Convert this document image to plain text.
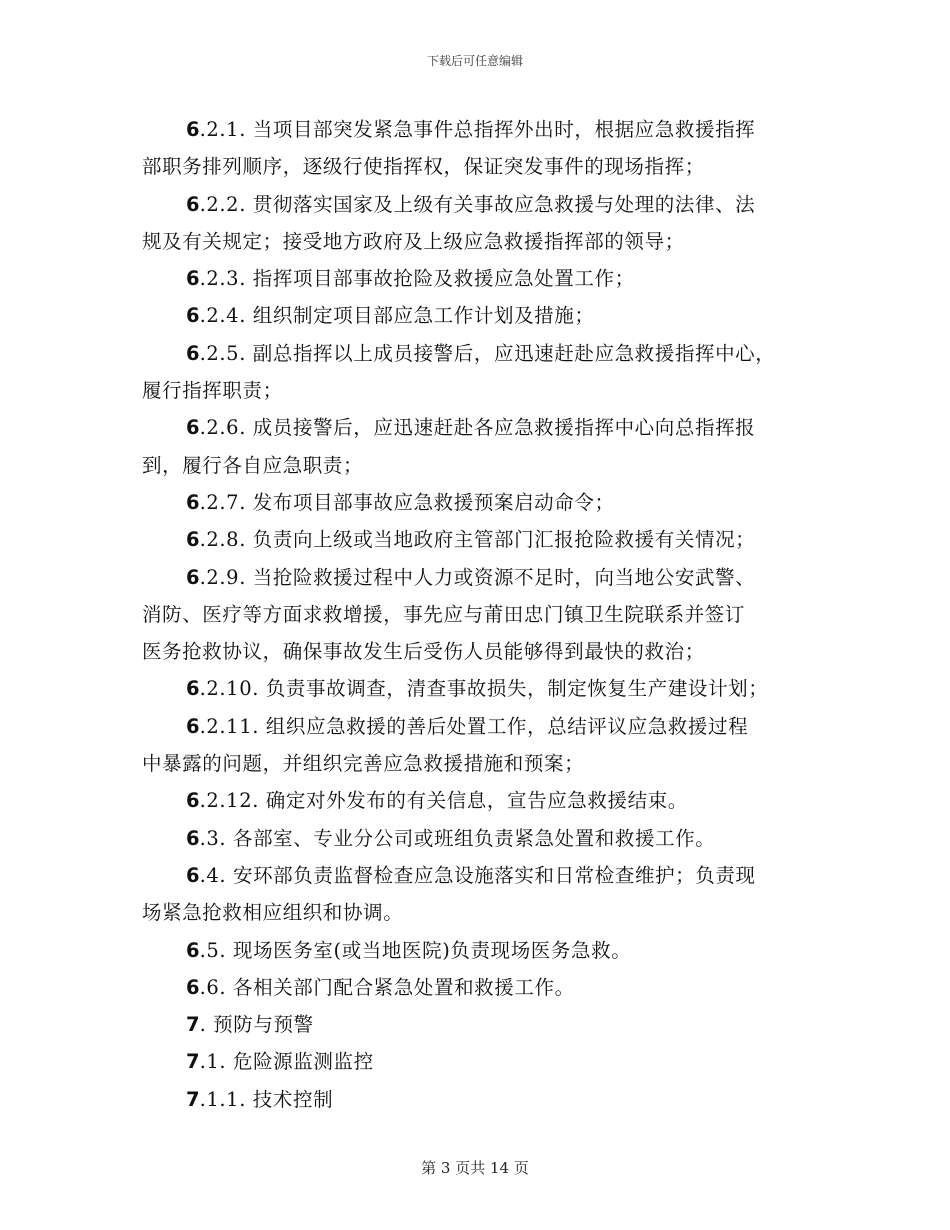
下载后可任意编辑
6.2.1. 当项目部突发紧急事件总指挥外出时，根据应急救援指挥
部职务排列顺序，逐级行使指挥权，保证突发事件的现场指挥；
6.2.2. 贯彻落实国家及上级有关事故应急救援与处理的法律、法
规及有关规定；接受地方政府及上级应急救援指挥部的领导；
6.2.3. 指挥项目部事故抢险及救援应急处置工作；
6.2.4. 组织制定项目部应急工作计划及措施；
6.2.5. 副总指挥以上成员接警后，应迅速赶赴应急救援指挥中心，
履行指挥职责；
6.2.6. 成员接警后，应迅速赶赴各应急救援指挥中心向总指挥报
到，履行各自应急职责；
6.2.7. 发布项目部事故应急救援预案启动命令；
6.2.8. 负责向上级或当地政府主管部门汇报抢险救援有关情况；
6.2.9. 当抢险救援过程中人力或资源不足时，向当地公安武警、
消防、医疗等方面求救增援，事先应与莆田忠门镇卫生院联系并签订
医务抢救协议，确保事故发生后受伤人员能够得到最快的救治；
6.2.10. 负责事故调查，清查事故损失，制定恢复生产建设计划；
6.2.11. 组织应急救援的善后处置工作，总结评议应急救援过程
中暴露的问题，并组织完善应急救援措施和预案；
6.2.12. 确定对外发布的有关信息，宣告应急救援结束。
6.3. 各部室、专业分公司或班组负责紧急处置和救援工作。
6.4. 安环部负责监督检查应急设施落实和日常检查维护；负责现
场紧急抢救相应组织和协调。
6.5. 现场医务室(或当地医院)负责现场医务急救。
6.6. 各相关部门配合紧急处置和救援工作。
7. 预防与预警
7.1. 危险源监测监控
7.1.1. 技术控制
第 3 页共 14 页
